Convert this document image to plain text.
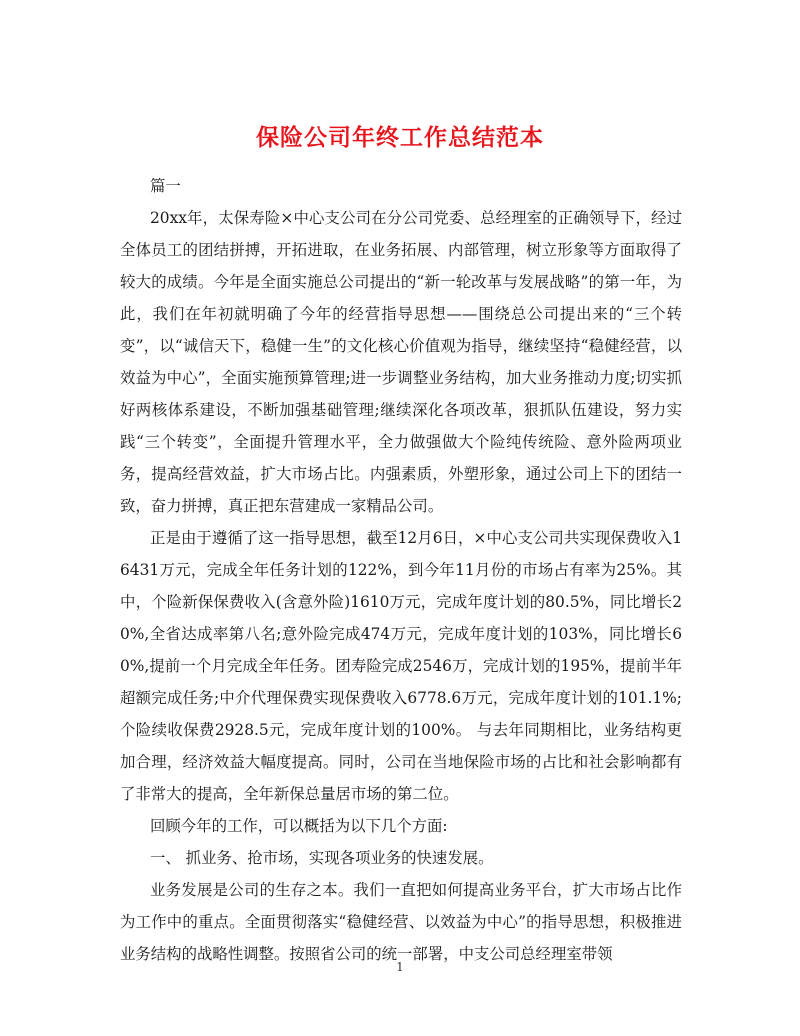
保险公司年终工作总结范本

篇一

20xx年，太保寿险×中心支公司在分公司党委、总经理室的正确领导下，经过全体员工的团结拼搏，开拓进取，在业务拓展、内部管理，树立形象等方面取得了较大的成绩。今年是全面实施总公司提出的“新一轮改革与发展战略”的第一年，为此，我们在年初就明确了今年的经营指导思想——围绕总公司提出来的“三个转变”，以“诚信天下，稳健一生”的文化核心价值观为指导，继续坚持“稳健经营，以效益为中心”，全面实施预算管理;进一步调整业务结构，加大业务推动力度;切实抓好两核体系建设，不断加强基础管理;继续深化各项改革，狠抓队伍建设，努力实践“三个转变”，全面提升管理水平，全力做强做大个险纯传统险、意外险两项业务，提高经营效益，扩大市场占比。内强素质，外塑形象，通过公司上下的团结一致，奋力拼搏，真正把东营建成一家精品公司。

正是由于遵循了这一指导思想，截至12月6日，×中心支公司共实现保费收入16431万元，完成全年任务计划的122%，到今年11月份的市场占有率为25%。其中，个险新保保费收入(含意外险)1610万元，完成年度计划的80.5%，同比增长20%,全省达成率第八名;意外险完成474万元，完成年度计划的103%，同比增长60%,提前一个月完成全年任务。团寿险完成2546万，完成计划的195%，提前半年超额完成任务;中介代理保费实现保费收入6778.6万元，完成年度计划的101.1%;个险续收保费2928.5元，完成年度计划的100%。 与去年同期相比，业务结构更加合理，经济效益大幅度提高。同时，公司在当地保险市场的占比和社会影响都有了非常大的提高，全年新保总量居市场的第二位。

回顾今年的工作，可以概括为以下几个方面:

一、 抓业务、抢市场，实现各项业务的快速发展。

业务发展是公司的生存之本。我们一直把如何提高业务平台，扩大市场占比作为工作中的重点。全面贯彻落实“稳健经营、以效益为中心”的指导思想，积极推进业务结构的战略性调整。按照省公司的统一部署，中支公司总经理室带领

1
